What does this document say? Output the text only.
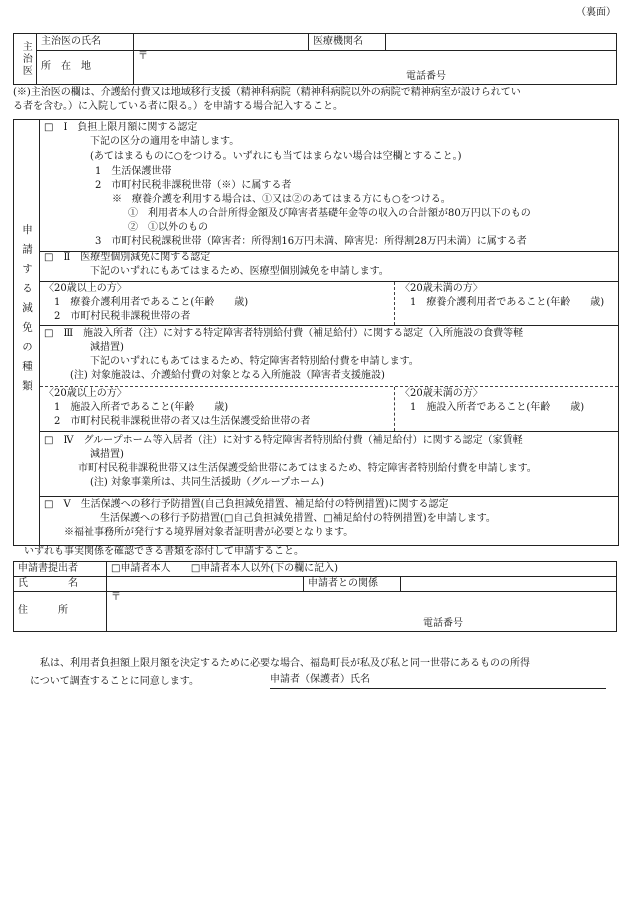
（裏面）
主治医	主治医の氏名		医療機関名	
	所　在　地	〒
電話番号		
(※)主治医の欄は、介護給付費又は地域移行支援（精神科病院（精神科病院以外の病院で精神病室が設けられてい
る者を含む。）に入院している者に限る。）を申請する場合記入すること。
申請する減免の種類
□　Ⅰ　負担上限月額に関する認定
下記の区分の適用を申請します。
(あてはまるものに○をつける。いずれにも当てはまらない場合は空欄とすること。)
1　生活保護世帯
2　市町村民税非課税世帯（※）に属する者
※　療養介護を利用する場合は、①又は②のあてはまる方にも○をつける。
①　利用者本人の合計所得金額及び障害者基礎年金等の収入の合計額が80万円以下のもの
②　①以外のもの
3　市町村民税課税世帯（障害者：所得割16万円未満、障害児：所得割28万円未満）に属する者
□　Ⅱ　医療型個別減免に関する認定
下記のいずれにもあてはまるため、医療型個別減免を申請します。
〈20歳以上の方〉
1　療養介護利用者であること(年齢　　歳)
2　市町村民税非課税世帯の者
〈20歳未満の方〉
1　療養介護利用者であること(年齢　　歳)
□　Ⅲ　施設入所者（注）に対する特定障害者特別給付費（補足給付）に関する認定（入所施設の食費等軽
減措置)
下記のいずれにもあてはまるため、特定障害者特別給付費を申請します。
(注) 対象施設は、介護給付費の対象となる入所施設（障害者支援施設)
〈20歳以上の方〉
1　施設入所者であること(年齢　　歳)
2　市町村民税非課税世帯の者又は生活保護受給世帯の者
〈20歳未満の方〉
1　施設入所者であること(年齢　　歳)
□　Ⅳ　グループホーム等入居者（注）に対する特定障害者特別給付費（補足給付）に関する認定（家賃軽
減措置)
市町村民税非課税世帯又は生活保護受給世帯にあてはまるため、特定障害者特別給付費を申請します。
(注) 対象事業所は、共同生活援助（グループホーム)
□　Ⅴ　生活保護への移行予防措置(自己負担減免措置、補足給付の特例措置)に関する認定
生活保護への移行予防措置(□自己負担減免措置、□補足給付の特例措置)を申請します。
※福祉事務所が発行する境界層対象者証明書が必要となります。
いずれも事実関係を確認できる書類を添付して申請すること。
申請書提出者	□申請者本人 □申請者本人以外(下の欄に記入)		
氏　　　　名		申請者との関係	
住　　　所	〒
電話番号		
私は、利用者負担額上限月額を決定するために必要な場合、福島町長が私及び私と同一世帯にあるものの所得
について調査することに同意します。	申請者（保護者）氏名
